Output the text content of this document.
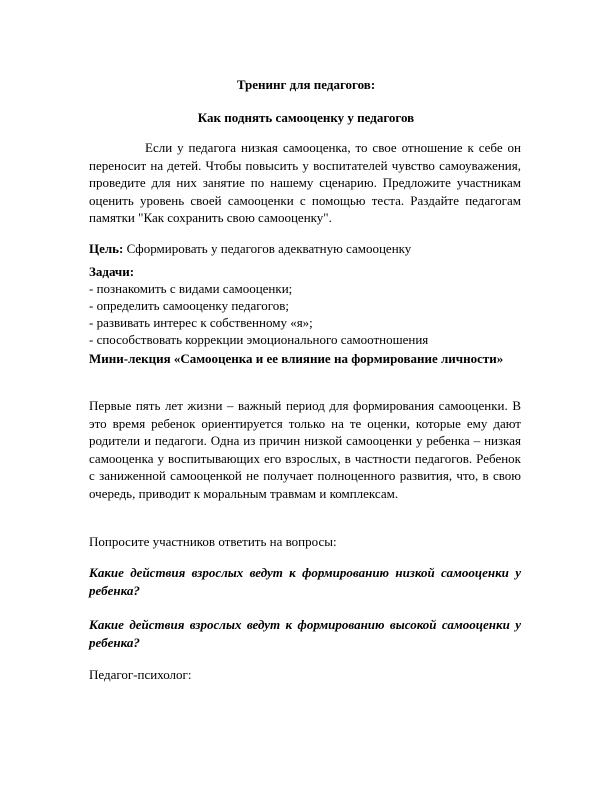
Тренинг для педагогов:
Как поднять самооценку у педагогов

Если у педагога низкая самооценка, то свое отношение к себе он переносит на детей. Чтобы повысить у воспитателей чувство самоуважения, проведите для них занятие по нашему сценарию. Предложите участникам оценить уровень своей самооценки с помощью теста. Раздайте педагогам памятки "Как сохранить свою самооценку".

Цель: Сформировать у педагогов адекватную самооценку
Задачи:
- познакомить с видами самооценки;
- определить самооценку педагогов;
- развивать интерес к собственному «я»;
- способствовать коррекции эмоционального самоотношения
Мини-лекция «Самооценка и ее влияние на формирование личности»

Первые пять лет жизни – важный период для формирования самооценки. В это время ребенок ориентируется только на те оценки, которые ему дают родители и педагоги. Одна из причин низкой самооценки у ребенка – низкая самооценка у воспитывающих его взрослых, в частности педагогов. Ребенок с заниженной самооценкой не получает полноценного развития, что, в свою очередь, приводит к моральным травмам и комплексам.

Попросите участников ответить на вопросы:

Какие действия взрослых ведут к формированию низкой самооценки у ребенка?

Какие действия взрослых ведут к формированию высокой самооценки у ребенка?

Педагог-психолог:
